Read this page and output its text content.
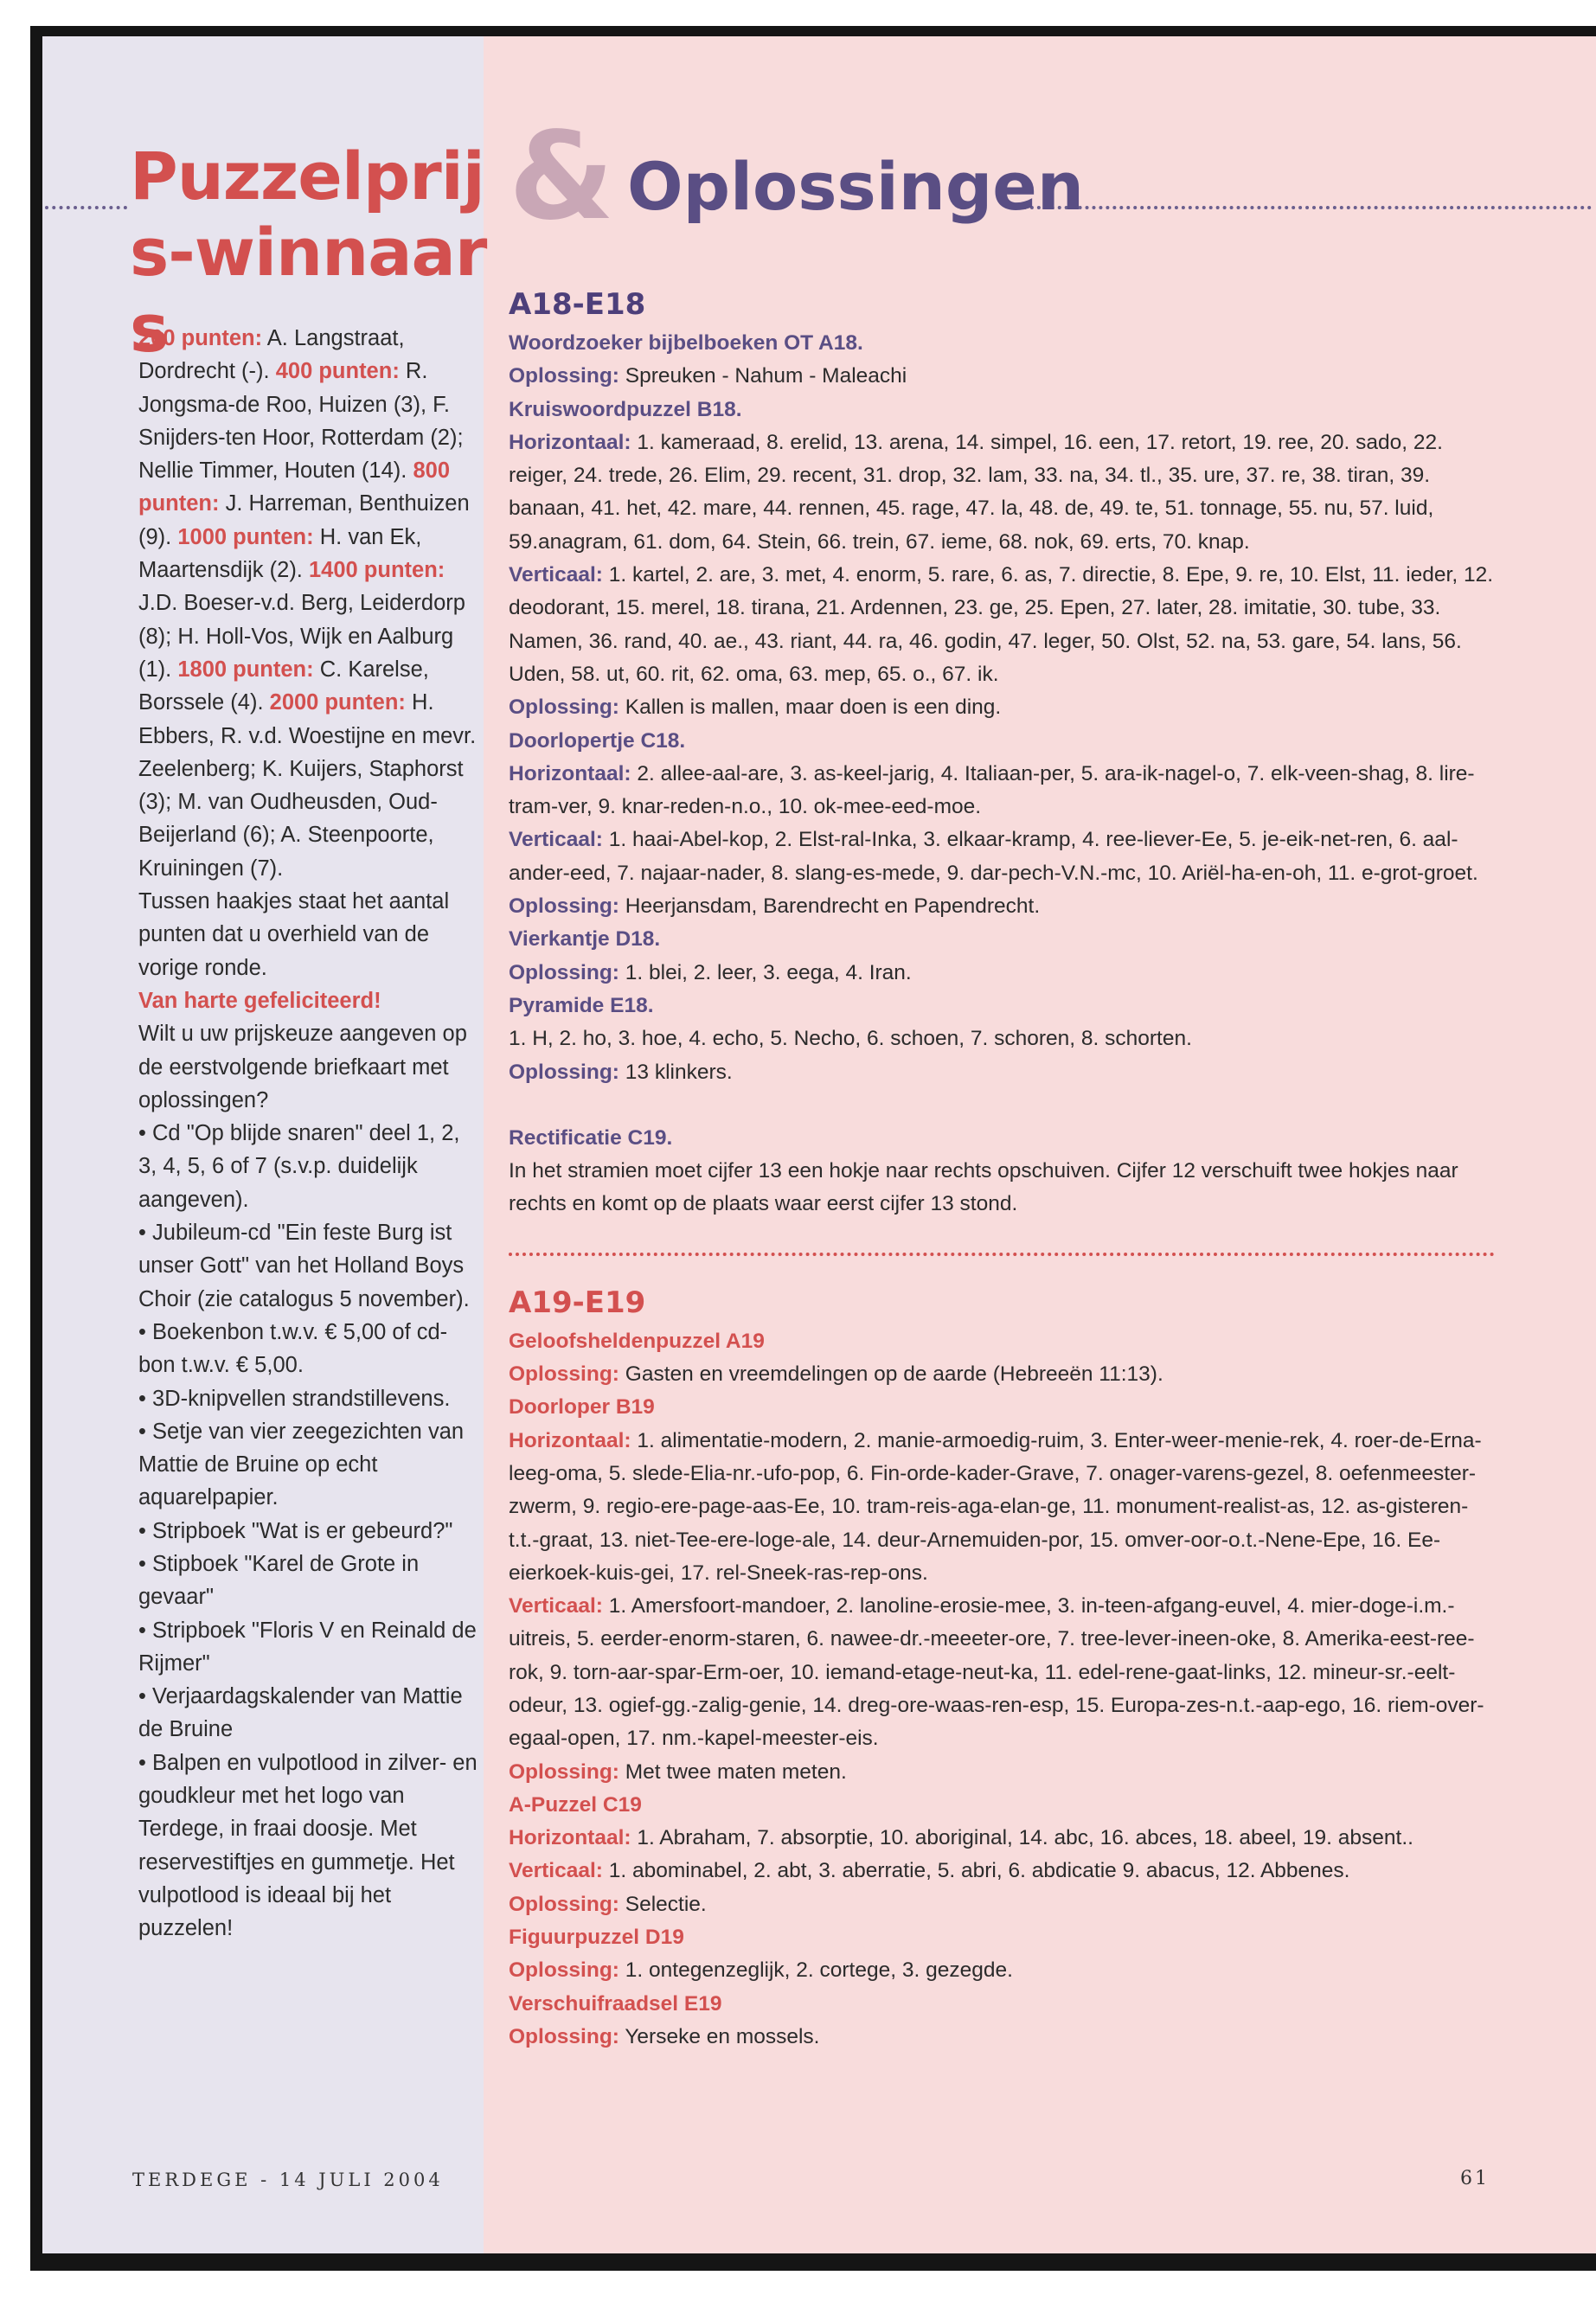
Puzzelprijs-winnaars
& Oplossingen

200 punten: A. Langstraat, Dordrecht (-). 400 punten: R. Jongsma-de Roo, Huizen (3), F. Snijders-ten Hoor, Rotterdam (2); Nellie Timmer, Houten (14). 800 punten: J. Harreman, Benthuizen (9). 1000 punten: H. van Ek, Maartensdijk (2). 1400 punten: J.D. Boeser-v.d. Berg, Leiderdorp (8); H. Holl-Vos, Wijk en Aalburg (1). 1800 punten: C. Karelse, Borssele (4). 2000 punten: H. Ebbers, R. v.d. Woestijne en mevr. Zeelenberg; K. Kuijers, Staphorst (3); M. van Oudheusden, Oud-Beijerland (6); A. Steenpoorte, Kruiningen (7).

Tussen haakjes staat het aantal punten dat u overhield van de vorige ronde.

Van harte gefeliciteerd!

Wilt u uw prijskeuze aangeven op de eerstvolgende briefkaart met oplossingen?

• Cd "Op blijde snaren" deel 1, 2, 3, 4, 5, 6 of 7 (s.v.p. duidelijk aangeven).

• Jubileum-cd "Ein feste Burg ist unser Gott" van het Holland Boys Choir (zie catalogus 5 november).

• Boekenbon t.w.v. € 5,00 of cd-bon t.w.v. € 5,00.

• 3D-knipvellen strandstillevens.

• Setje van vier zeegezichten van Mattie de Bruine op echt aquarelpapier.

• Stripboek "Wat is er gebeurd?"

• Stipboek "Karel de Grote in gevaar"

• Stripboek "Floris V en Reinald de Rijmer"

• Verjaardagskalender van Mattie de Bruine

• Balpen en vulpotlood in zilver- en goudkleur met het logo van Terdege, in fraai doosje. Met reservestiftjes en gummetje. Het vulpotlood is ideaal bij het puzzelen!

A18-E18

Woordzoeker bijbelboeken OT A18.

Oplossing: Spreuken - Nahum - Maleachi

Kruiswoordpuzzel B18.

Horizontaal: 1. kameraad, 8. erelid, 13. arena, 14. simpel, 16. een, 17. retort, 19. ree, 20. sado, 22. reiger, 24. trede, 26. Elim, 29. recent, 31. drop, 32. lam, 33. na, 34. tl., 35. ure, 37. re, 38. tiran, 39. banaan, 41. het, 42. mare, 44. rennen, 45. rage, 47. la, 48. de, 49. te, 51. tonnage, 55. nu, 57. luid, 59.anagram, 61. dom, 64. Stein, 66. trein, 67. ieme, 68. nok, 69. erts, 70. knap.

Verticaal: 1. kartel, 2. are, 3. met, 4. enorm, 5. rare, 6. as, 7. directie, 8. Epe, 9. re, 10. Elst, 11. ieder, 12. deodorant, 15. merel, 18. tirana, 21. Ardennen, 23. ge, 25. Epen, 27. later, 28. imitatie, 30. tube, 33. Namen, 36. rand, 40. ae., 43. riant, 44. ra, 46. godin, 47. leger, 50. Olst, 52. na, 53. gare, 54. lans, 56. Uden, 58. ut, 60. rit, 62. oma, 63. mep, 65. o., 67. ik.

Oplossing: Kallen is mallen, maar doen is een ding.

Doorlopertje C18.

Horizontaal: 2. allee-aal-are, 3. as-keel-jarig, 4. Italiaan-per, 5. ara-ik-nagel-o, 7. elk-veen-shag, 8. lire-tram-ver, 9. knar-reden-n.o., 10. ok-mee-eed-moe.

Verticaal: 1. haai-Abel-kop, 2. Elst-ral-Inka, 3. elkaar-kramp, 4. ree-liever-Ee, 5. je-eik-net-ren, 6. aal-ander-eed, 7. najaar-nader, 8. slang-es-mede, 9. dar-pech-V.N.-mc, 10. Ariël-ha-en-oh, 11. e-grot-groet. Oplossing: Heerjansdam, Barendrecht en Papendrecht.

Vierkantje D18.

Oplossing: 1. blei, 2. leer, 3. eega, 4. Iran.

Pyramide E18.

1. H, 2. ho, 3. hoe, 4. echo, 5. Necho, 6. schoen, 7. schoren, 8. schorten.

Oplossing: 13 klinkers.

Rectificatie C19.

In het stramien moet cijfer 13 een hokje naar rechts opschuiven. Cijfer 12 verschuift twee hokjes naar rechts en komt op de plaats waar eerst cijfer 13 stond.

A19-E19

Geloofsheldenpuzzel A19

Oplossing: Gasten en vreemdelingen op de aarde (Hebreeën 11:13).

Doorloper B19

Horizontaal: 1. alimentatie-modern, 2. manie-armoedig-ruim, 3. Enter-weer-menie-rek, 4. roer-de-Erna-leeg-oma, 5. slede-Elia-nr.-ufo-pop, 6. Fin-orde-kader-Grave, 7. onager-varens-gezel, 8. oefenmeester-zwerm, 9. regio-ere-page-aas-Ee, 10. tram-reis-aga-elan-ge, 11. monument-realist-as, 12. as-gisteren-t.t.-graat, 13. niet-Tee-ere-loge-ale, 14. deur-Arnemuiden-por, 15. omver-oor-o.t.-Nene-Epe, 16. Ee-eierkoek-kuis-gei, 17. rel-Sneek-ras-rep-ons.

Verticaal: 1. Amersfoort-mandoer, 2. lanoline-erosie-mee, 3. in-teen-afgang-euvel, 4. mier-doge-i.m.-uitreis, 5. eerder-enorm-staren, 6. nawee-dr.-meeeter-ore, 7. tree-lever-ineen-oke, 8. Amerika-eest-ree-rok, 9. torn-aar-spar-Erm-oer, 10. iemand-etage-neut-ka, 11. edel-rene-gaat-links, 12. mineur-sr.-eelt-odeur, 13. ogief-gg.-zalig-genie, 14. dreg-ore-waas-ren-esp, 15. Europa-zes-n.t.-aap-ego, 16. riem-over-egaal-open, 17. nm.-kapel-meester-eis.

Oplossing: Met twee maten meten.

A-Puzzel C19

Horizontaal: 1. Abraham, 7. absorptie, 10. aboriginal, 14. abc, 16. abces, 18. abeel, 19. absent.. Verticaal: 1. abominabel, 2. abt, 3. aberratie, 5. abri, 6. abdicatie 9. abacus, 12. Abbenes.

Oplossing: Selectie.

Figuurpuzzel D19

Oplossing: 1. ontegenzeglijk, 2. cortege, 3. gezegde.

Verschuifraadsel E19

Oplossing: Yerseke en mossels.

TERDEGE - 14 JULI 2004	61
